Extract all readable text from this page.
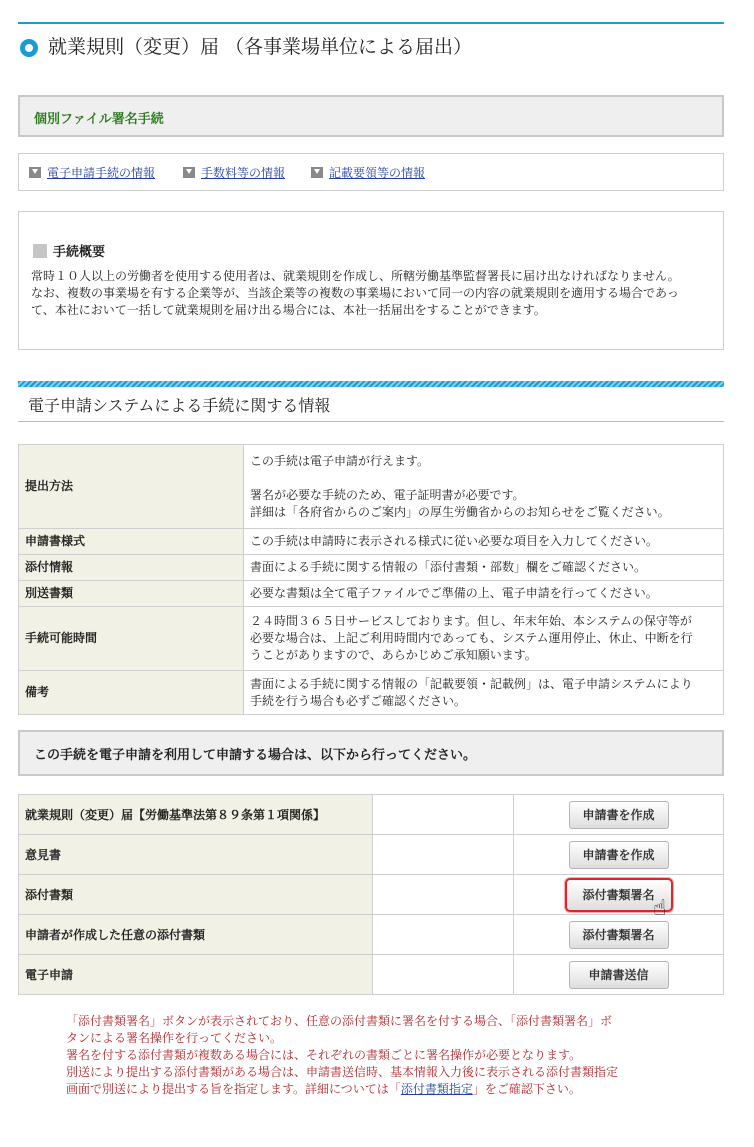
就業規則（変更）届 （各事業場単位による届出）
個別ファイル署名手続
電子申請手続の情報	手数料等の情報	記載要領等の情報
手続概要
常時１０人以上の労働者を使用する使用者は、就業規則を作成し、所轄労働基準監督署長に届け出なければなりません。
なお、複数の事業場を有する企業等が、当該企業等の複数の事業場において同一の内容の就業規則を適用する場合であっ
て、本社において一括して就業規則を届け出る場合には、本社一括届出をすることができます。
電子申請システムによる手続に関する情報
提出方法	この手続は電子申請が行えます。
署名が必要な手続のため、電子証明書が必要です。
詳細は「各府省からのご案内」の厚生労働省からのお知らせをご覧ください。

申請書様式	この手続は申請時に表示される様式に従い必要な項目を入力してください。

添付情報	書面による手続に関する情報の「添付書類・部数」欄をご確認ください。

別送書類	必要な書類は全て電子ファイルでご準備の上、電子申請を行ってください。

手続可能時間	２４時間３６５日サービスしております。但し、年末年始、本システムの保守等が
必要な場合は、上記ご利用時間内であっても、システム運用停止、休止、中断を行
うことがありますので、あらかじめご承知願います。

備考	書面による手続に関する情報の「記載要領・記載例」は、電子申請システムにより
手続を行う場合も必ずご確認ください。
この手続を電子申請を利用して申請する場合は、以下から行ってください。
就業規則（変更）届【労働基準法第８９条第１項関係】		申請書を作成
意見書		申請書を作成
添付書類		添付書類署名
☝

申請者が作成した任意の添付書類		添付書類署名
電子申請		申請書送信
「添付書類署名」ボタンが表示されており、任意の添付書類に署名を付する場合、「添付書類署名」ボ
タンによる署名操作を行ってください。
署名を付する添付書類が複数ある場合には、それぞれの書類ごとに署名操作が必要となります。
別送により提出する添付書類がある場合は、申請書送信時、基本情報入力後に表示される添付書類指定
画面で別送により提出する旨を指定します。詳細については「添付書類指定」をご確認下さい。
